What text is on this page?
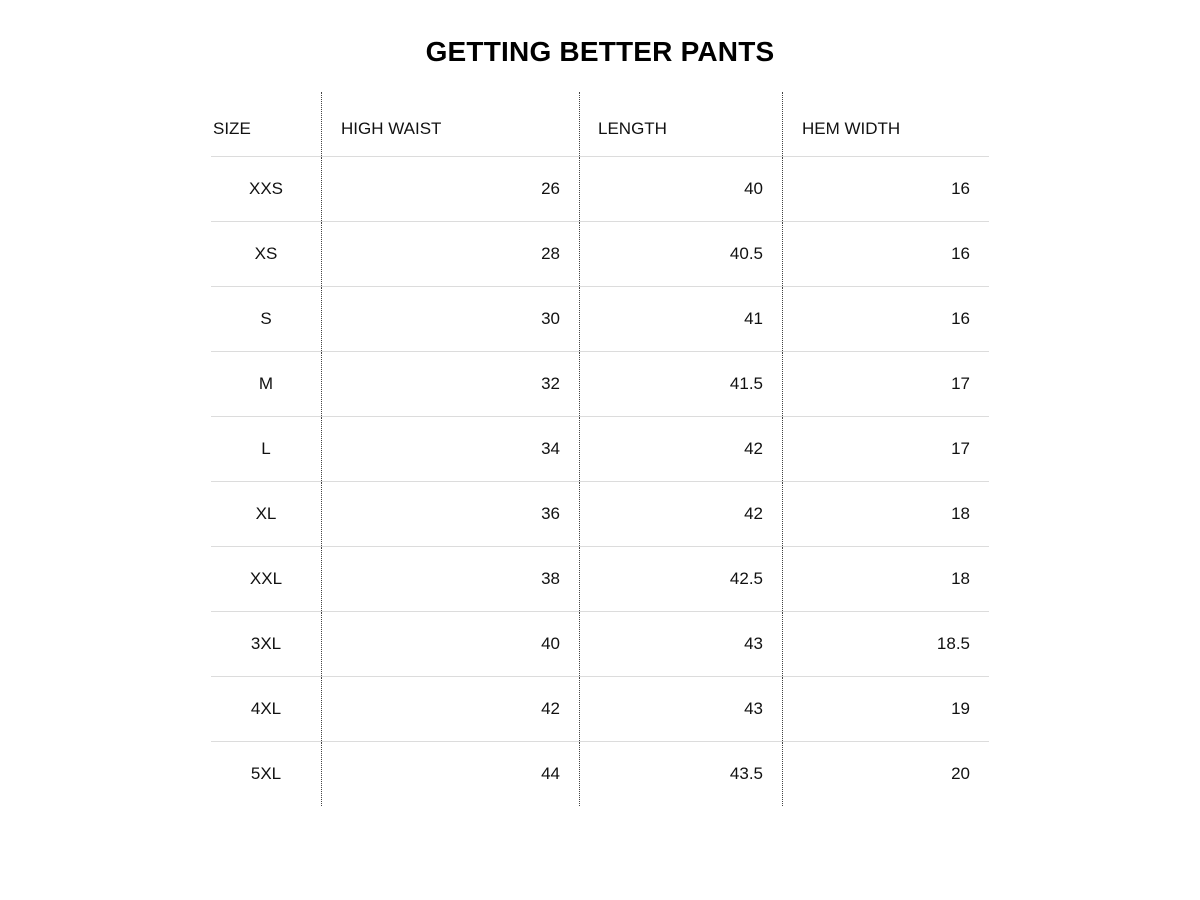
GETTING BETTER PANTS
SIZE	HIGH WAIST	LENGTH	HEM WIDTH
XXS	26	40	16
XS	28	40.5	16
S	30	41	16
M	32	41.5	17
L	34	42	17
XL	36	42	18
XXL	38	42.5	18
3XL	40	43	18.5
4XL	42	43	19
5XL	44	43.5	20
